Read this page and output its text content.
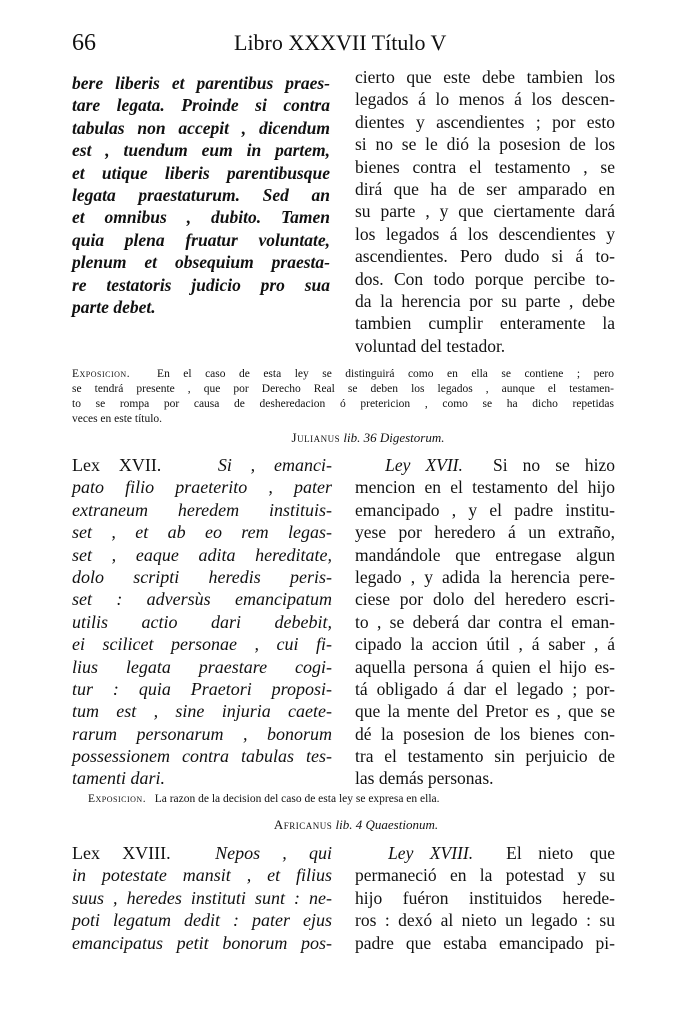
66	Libro XXXVII Título V
bere liberis et parentibus praes-
tare legata. Proinde si contra
tabulas non accepit , dicendum
est , tuendum eum in partem,
et utique liberis parentibusque
legata praestaturum. Sed an
et omnibus , dubito. Tamen
quia plena fruatur voluntate,
plenum et obsequium praesta-
re testatoris judicio pro sua
parte debet.
cierto que este debe tambien los
legados á lo menos á los descen-
dientes y ascendientes ; por esto
si no se le dió la posesion de los
bienes contra el testamento , se
dirá que ha de ser amparado en
su parte , y que ciertamente dará
los legados á los descendientes y
ascendientes. Pero dudo si á to-
dos. Con todo porque percibe to-
da la herencia por su parte , debe
tambien cumplir enteramente la
voluntad del testador.
Exposicion. En el caso de esta ley se distinguirá como en ella se contiene ; pero
se tendrá presente , que por Derecho Real se deben los legados , aunque el testamen-
to se rompa por causa de desheredacion ó pretericion , como se ha dicho repetidas
veces en este título.
Julianus lib. 36 Digestorum.
Lex XVII.	Si , emanci-
pato filio praeterito , pater
extraneum heredem instituis-
set , et ab eo rem legas-
set , eaque adita hereditate,
dolo scripti heredis peris-
set : adversùs emancipatum
utilis actio dari debebit,
ei scilicet personae , cui fi-
lius legata praestare cogi-
tur : quia Praetori proposi-
tum est , sine injuria caete-
rarum personarum , bonorum
possessionem contra tabulas tes-
tamenti dari.
Ley XVII. Si no se hizo
mencion en el testamento del hijo
emancipado , y el padre institu-
yese por heredero á un extraño,
mandándole que entregase algun
legado , y adida la herencia pere-
ciese por dolo del heredero escri-
to , se deberá dar contra el eman-
cipado la accion útil , á saber , á
aquella persona á quien el hijo es-
tá obligado á dar el legado ; por-
que la mente del Pretor es , que se
dé la posesion de los bienes con-
tra el testamento sin perjuicio de
las demás personas.
Exposicion. La razon de la decision del caso de esta ley se expresa en ella.
Africanus lib. 4 Quaestionum.
Lex XVIII. Nepos , qui
in potestate mansit , et filius
suus , heredes instituti sunt : ne-
poti legatum dedit : pater ejus
emancipatus petit bonorum pos-
Ley XVIII. El nieto que
permaneció en la potestad y su
hijo fuéron instituidos herede-
ros : dexó al nieto un legado : su
padre que estaba emancipado pi-
